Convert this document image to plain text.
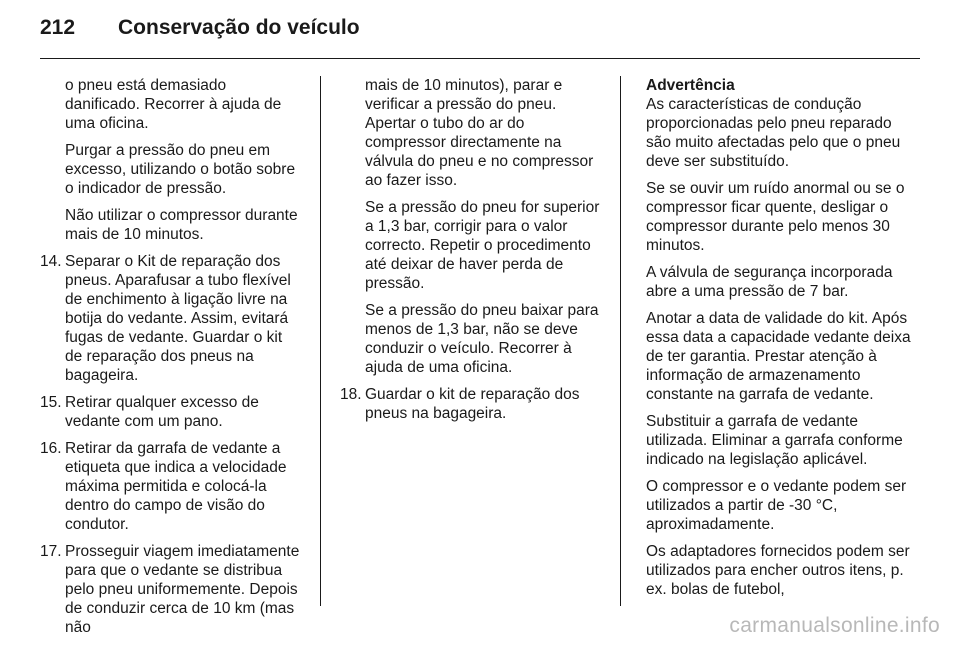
212	Conservação do veículo

o pneu está demasiado danificado. Recorrer à ajuda de uma oficina.

Purgar a pressão do pneu em excesso, utilizando o botão sobre o indicador de pressão.

Não utilizar o compressor durante mais de 10 minutos.

14. Separar o Kit de reparação dos pneus. Aparafusar a tubo flexível de enchimento à ligação livre na botija do vedante. Assim, evitará fugas de vedante. Guardar o kit de reparação dos pneus na bagageira.
15. Retirar qualquer excesso de vedante com um pano.
16. Retirar da garrafa de vedante a etiqueta que indica a velocidade máxima permitida e colocá-la dentro do campo de visão do condutor.
17. Prosseguir viagem imediatamente para que o vedante se distribua pelo pneu uniformemente. Depois de conduzir cerca de 10 km (mas não

mais de 10 minutos), parar e verificar a pressão do pneu. Apertar o tubo do ar do compressor directamente na válvula do pneu e no compressor ao fazer isso.

Se a pressão do pneu for superior a 1,3 bar, corrigir para o valor correcto. Repetir o procedimento até deixar de haver perda de pressão.

Se a pressão do pneu baixar para menos de 1,3 bar, não se deve conduzir o veículo. Recorrer à ajuda de uma oficina.

18. Guardar o kit de reparação dos pneus na bagageira.

Advertência
As características de condução proporcionadas pelo pneu reparado são muito afectadas pelo que o pneu deve ser substituído.

Se se ouvir um ruído anormal ou se o compressor ficar quente, desligar o compressor durante pelo menos 30 minutos.

A válvula de segurança incorporada abre a uma pressão de 7 bar.

Anotar a data de validade do kit. Após essa data a capacidade vedante deixa de ter garantia. Prestar atenção à informação de armazenamento constante na garrafa de vedante.

Substituir a garrafa de vedante utilizada. Eliminar a garrafa conforme indicado na legislação aplicável.

O compressor e o vedante podem ser utilizados a partir de -30 °C, aproximadamente.

Os adaptadores fornecidos podem ser utilizados para encher outros itens, p. ex. bolas de futebol,

carmanualsonline.info
